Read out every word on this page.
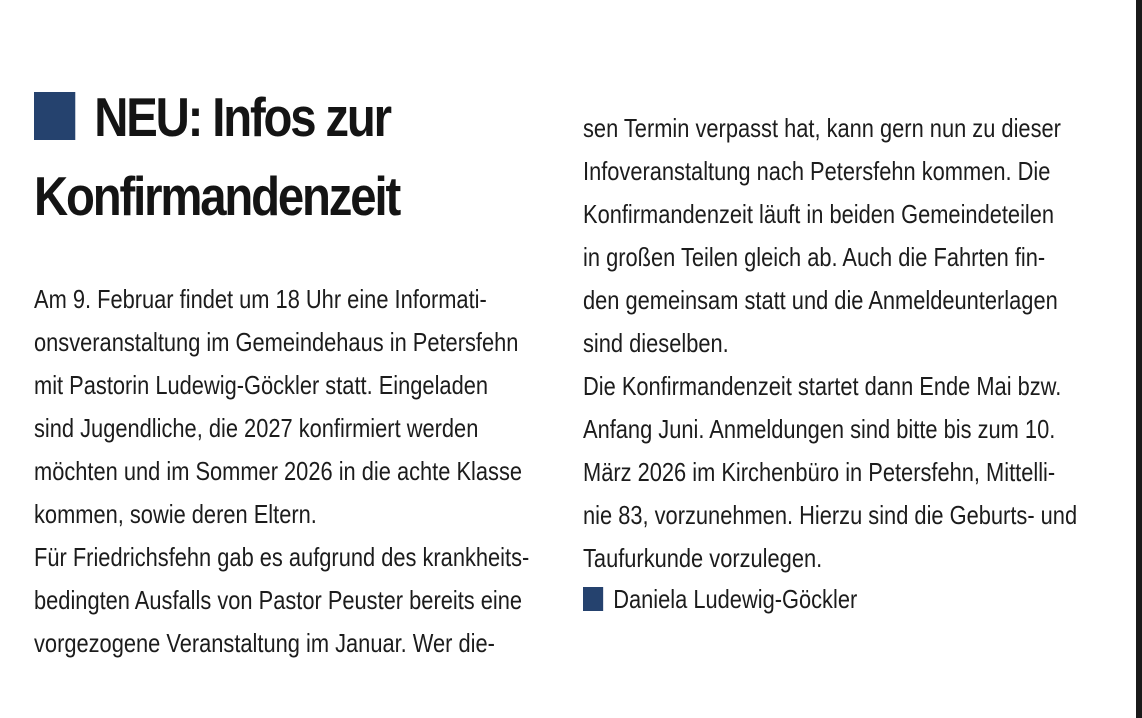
NEU: Infos zur
Konfirmandenzeit
Am 9. Februar findet um 18 Uhr eine Informati-
onsveranstaltung im Gemeindehaus in Petersfehn
mit Pastorin Ludewig-Göckler statt. Eingeladen
sind Jugendliche, die 2027 konfirmiert werden
möchten und im Sommer 2026 in die achte Klasse
kommen, sowie deren Eltern.
Für Friedrichsfehn gab es aufgrund des krankheits-
bedingten Ausfalls von Pastor Peuster bereits eine
vorgezogene Veranstaltung im Januar. Wer die-
sen Termin verpasst hat, kann gern nun zu dieser
Infoveranstaltung nach Petersfehn kommen. Die
Konfirmandenzeit läuft in beiden Gemeindeteilen
in großen Teilen gleich ab. Auch die Fahrten fin-
den gemeinsam statt und die Anmeldeunterlagen
sind dieselben.
Die Konfirmandenzeit startet dann Ende Mai bzw.
Anfang Juni. Anmeldungen sind bitte bis zum 10.
März 2026 im Kirchenbüro in Petersfehn, Mittelli-
nie 83, vorzunehmen. Hierzu sind die Geburts- und
Taufurkunde vorzulegen.
Daniela Ludewig-Göckler
